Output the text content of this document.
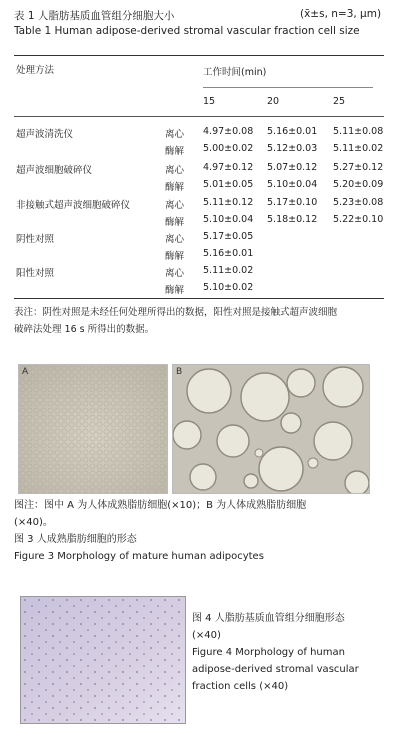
表 1 人脂肪基质血管组分细胞大小	(x̄±s, n=3, μm)
Table 1 Human adipose-derived stromal vascular fraction cell size
处理方法	工作时间(min)
15	20	25
超声波清洗仪	离心 4.97±0.08 5.16±0.01 5.11±0.08
酶解 5.00±0.02 5.12±0.03 5.11±0.02
超声波细胞破碎仪	离心 4.97±0.12 5.07±0.12 5.27±0.12
酶解 5.01±0.05 5.10±0.04 5.20±0.09
非接触式超声波细胞破碎仪	离心 5.11±0.12 5.17±0.10 5.23±0.08
酶解 5.10±0.04 5.18±0.12 5.22±0.10
阴性对照	离心 5.17±0.05
酶解 5.16±0.01
阳性对照	离心 5.11±0.02
酶解 5.10±0.02
表注：阴性对照是未经任何处理所得出的数据，阳性对照是接触式超声波细胞
破碎法处理 16 s 所得出的数据。
A	B
图注：图中 A 为人体成熟脂肪细胞(×10)；B 为人体成熟脂肪细胞
(×40)。
图 3 人成熟脂肪细胞的形态
Figure 3 Morphology of mature human adipocytes
图 4 人脂肪基质血管组分细胞形态
(×40)
Figure 4 Morphology of human
adipose-derived stromal vascular
fraction cells (×40)
